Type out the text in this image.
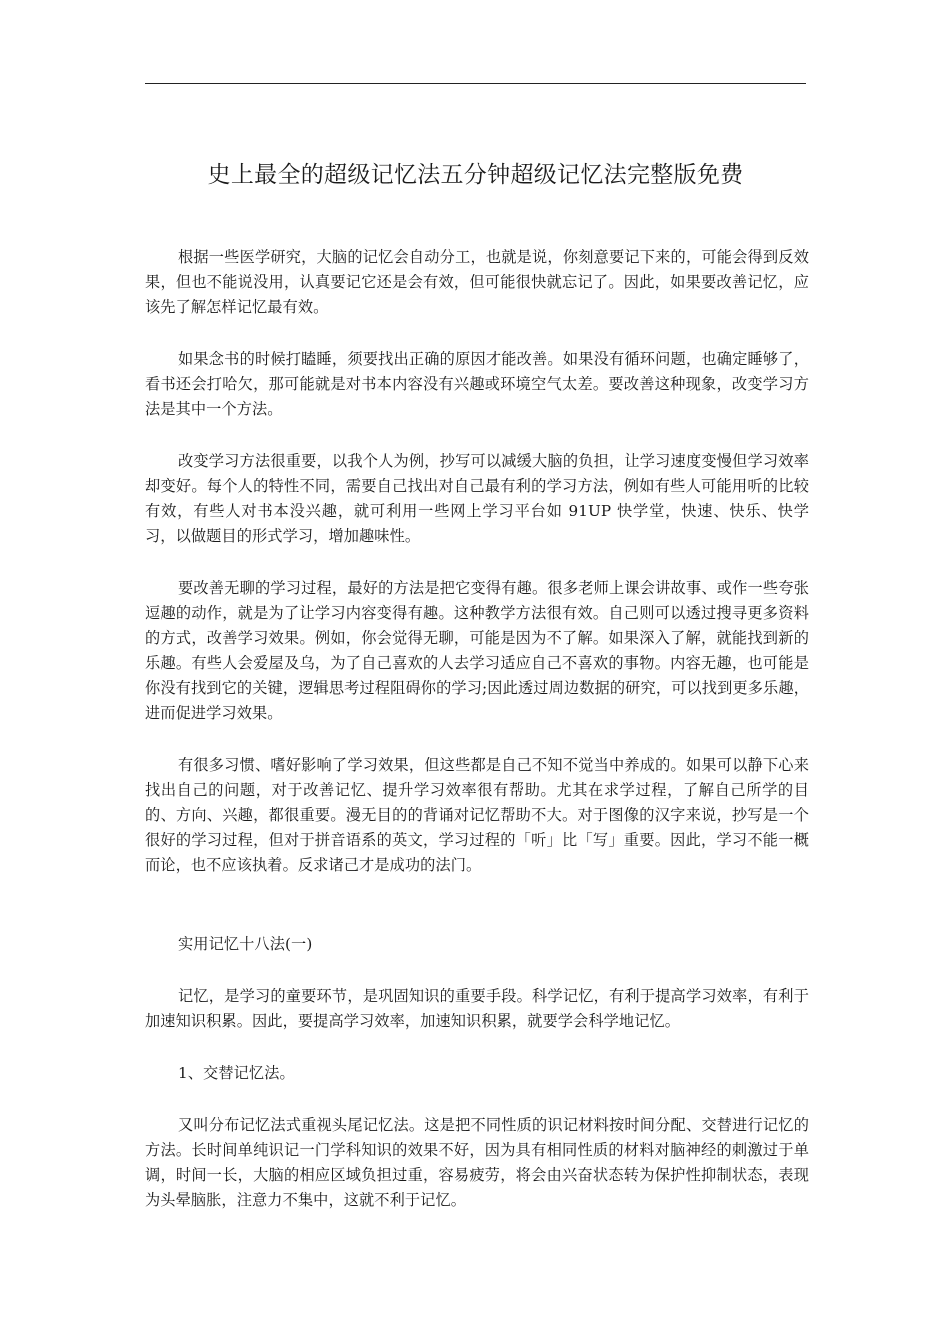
史上最全的超级记忆法五分钟超级记忆法完整版免费

根据一些医学研究，大脑的记忆会自动分工，也就是说，你刻意要记下来的，可能会得到反效果，但也不能说没用，认真要记它还是会有效，但可能很快就忘记了。因此，如果要改善记忆，应该先了解怎样记忆最有效。

如果念书的时候打瞌睡，须要找出正确的原因才能改善。如果没有循环问题，也确定睡够了，看书还会打哈欠，那可能就是对书本内容没有兴趣或环境空气太差。要改善这种现象，改变学习方法是其中一个方法。

改变学习方法很重要，以我个人为例，抄写可以减缓大脑的负担，让学习速度变慢但学习效率却变好。每个人的特性不同，需要自己找出对自己最有利的学习方法，例如有些人可能用听的比较有效，有些人对书本没兴趣，就可利用一些网上学习平台如 91UP 快学堂，快速、快乐、快学习，以做题目的形式学习，增加趣味性。

要改善无聊的学习过程，最好的方法是把它变得有趣。很多老师上课会讲故事、或作一些夸张逗趣的动作，就是为了让学习内容变得有趣。这种教学方法很有效。自己则可以透过搜寻更多资料的方式，改善学习效果。例如，你会觉得无聊，可能是因为不了解。如果深入了解，就能找到新的乐趣。有些人会爱屋及乌，为了自己喜欢的人去学习适应自己不喜欢的事物。内容无趣，也可能是你没有找到它的关键，逻辑思考过程阻碍你的学习;因此透过周边数据的研究，可以找到更多乐趣，进而促进学习效果。

有很多习惯、嗜好影响了学习效果，但这些都是自己不知不觉当中养成的。如果可以静下心来找出自己的问题，对于改善记忆、提升学习效率很有帮助。尤其在求学过程，了解自己所学的目的、方向、兴趣，都很重要。漫无目的的背诵对记忆帮助不大。对于图像的汉字来说，抄写是一个很好的学习过程，但对于拼音语系的英文，学习过程的「听」比「写」重要。因此，学习不能一概而论，也不应该执着。反求诸己才是成功的法门。

实用记忆十八法(一)

记忆，是学习的童要环节，是巩固知识的重要手段。科学记忆，有利于提高学习效率，有利于加速知识积累。因此，要提高学习效率，加速知识积累，就要学会科学地记忆。

1、交替记忆法。

又叫分布记忆法式重视头尾记忆法。这是把不同性质的识记材料按时间分配、交替进行记忆的方法。长时间单纯识记一门学科知识的效果不好，因为具有相同性质的材料对脑神经的刺激过于单调，时间一长，大脑的相应区域负担过重，容易疲劳，将会由兴奋状态转为保护性抑制状态，表现为头晕脑胀，注意力不集中，这就不利于记忆。
